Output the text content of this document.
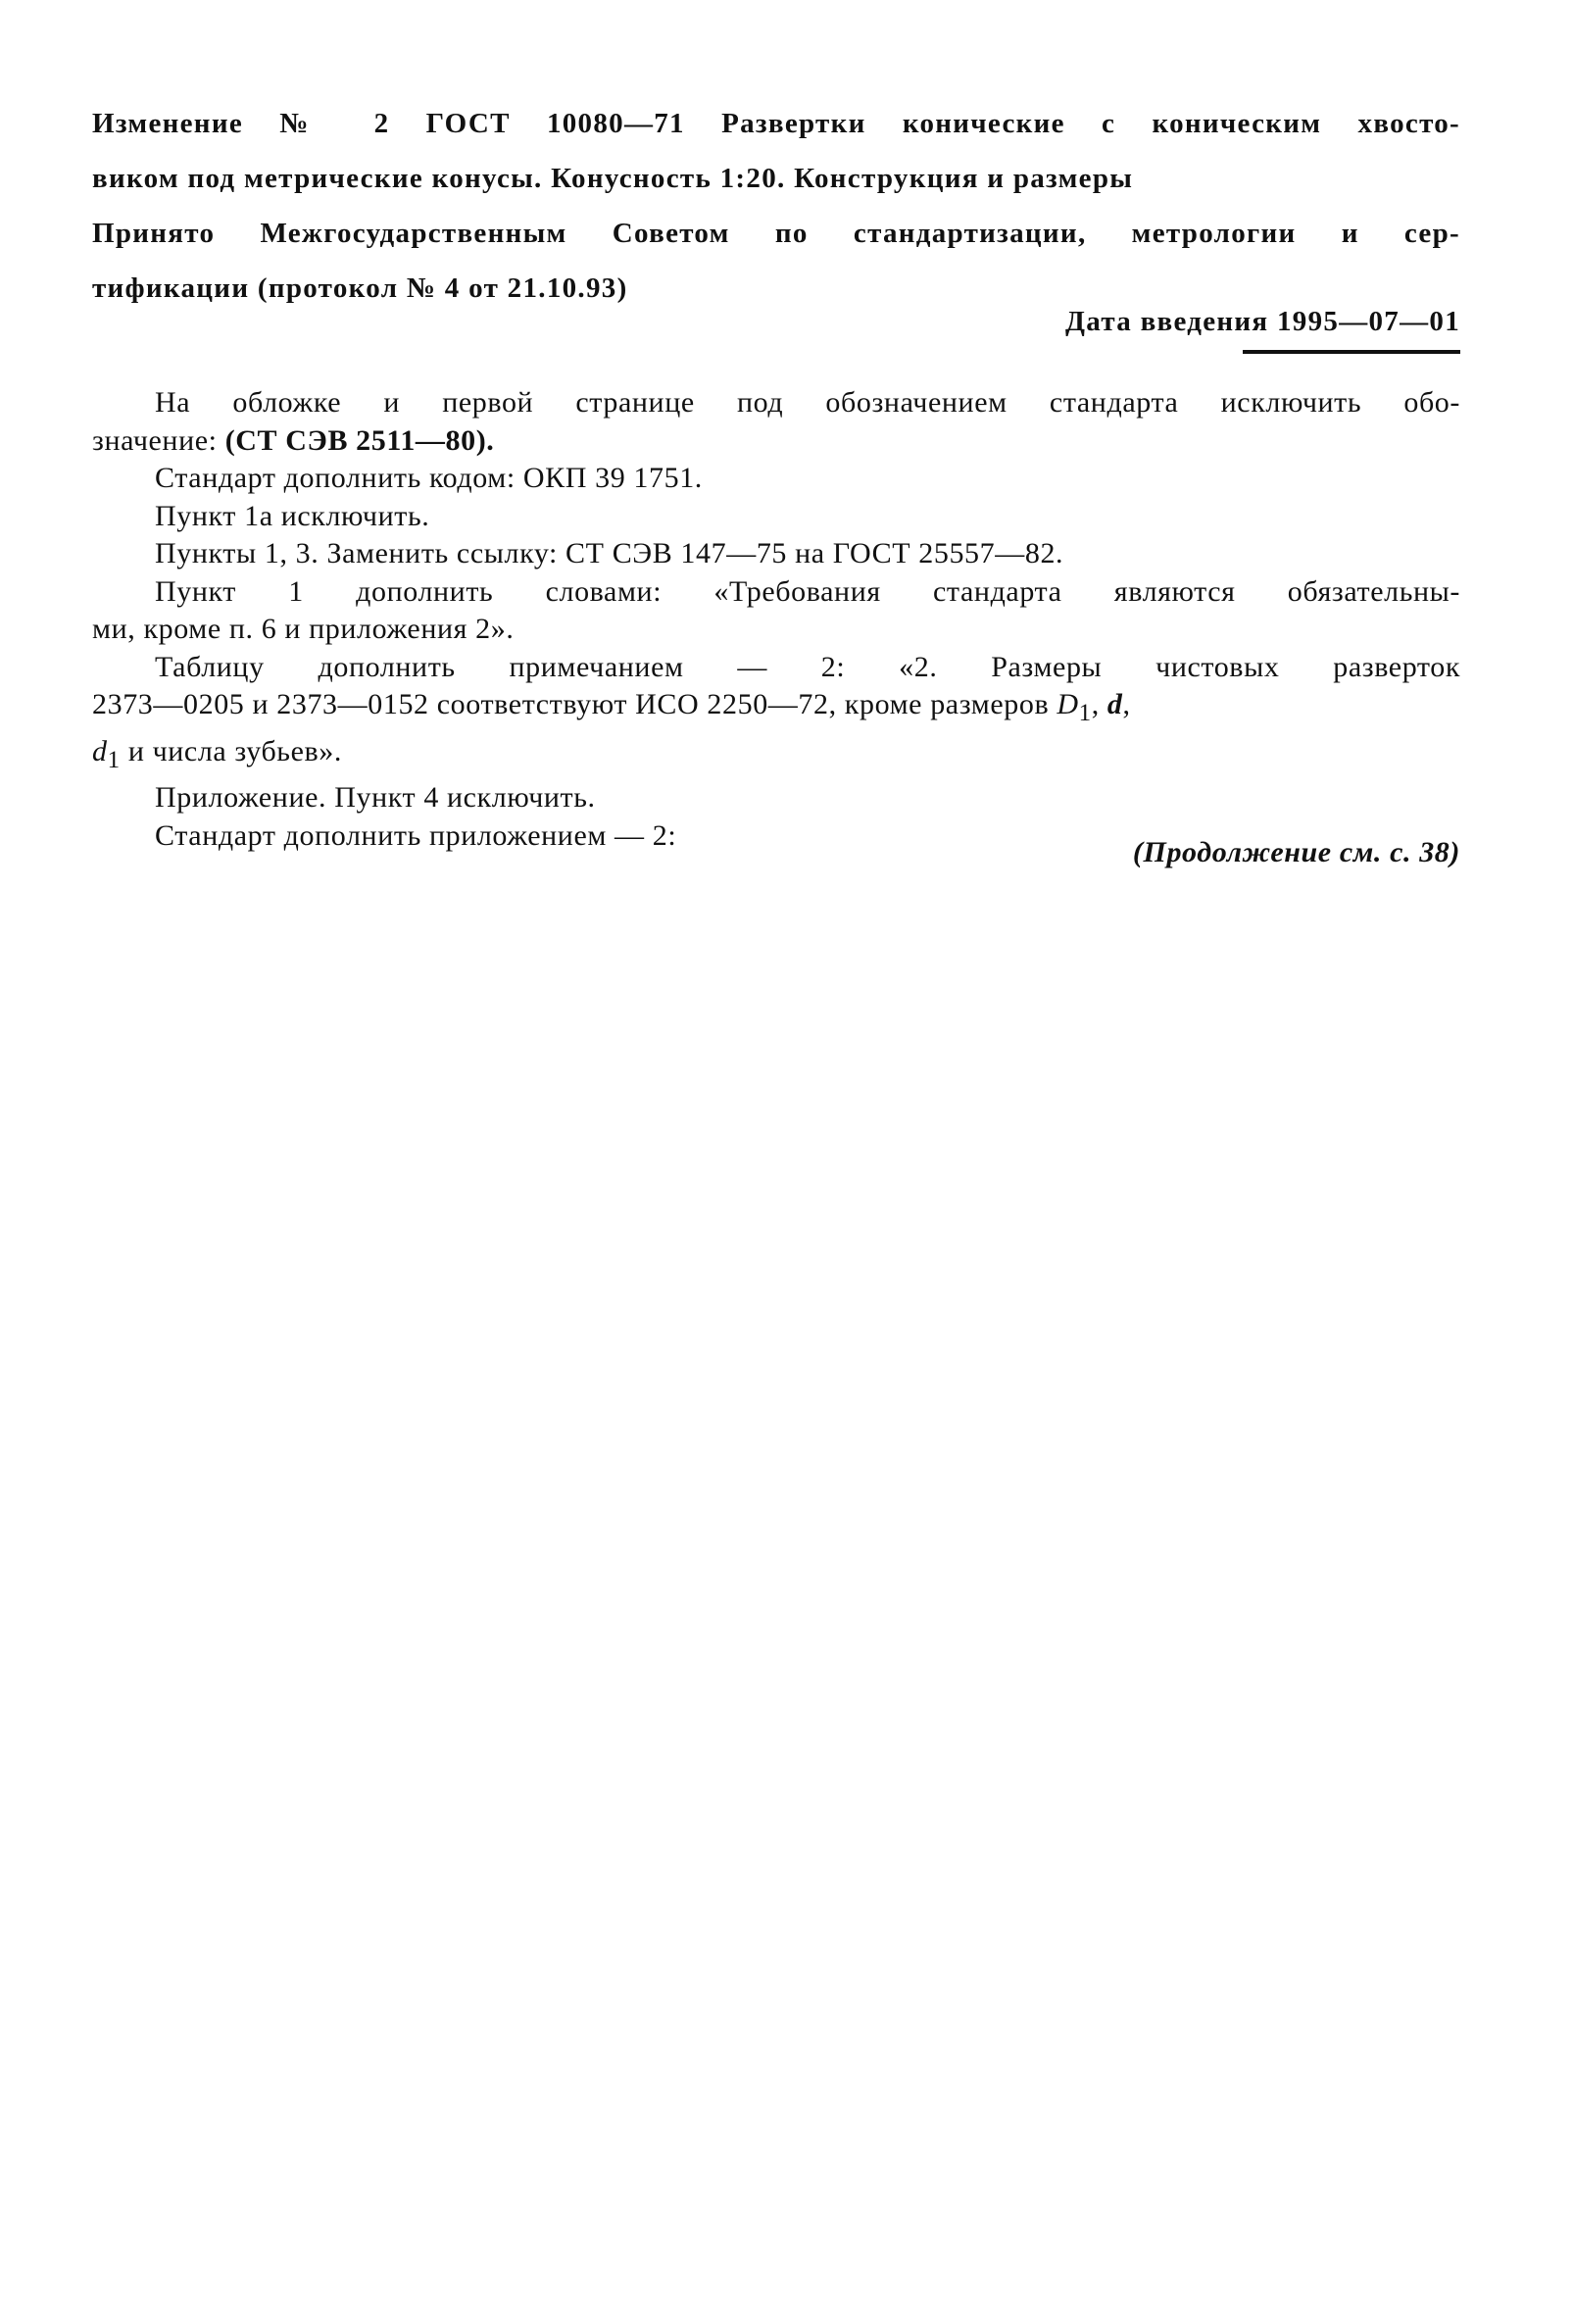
Изменение № 2 ГОСТ 10080—71 Развертки конические с коническим хвосто-
виком под метрические конусы. Конусность 1:20. Конструкция и размеры
Принято Межгосударственным Советом по стандартизации, метрологии и сер-
тификации (протокол № 4 от 21.10.93)
Дата введения 1995—07—01
На обложке и первой странице под обозначением стандарта исключить обо-
значение: (СТ СЭВ 2511—80).
Стандарт дополнить кодом: ОКП 39 1751.
Пункт 1а исключить.
Пункты 1, 3. Заменить ссылку: СТ СЭВ 147—75 на ГОСТ 25557—82.
Пункт 1 дополнить словами: «Требования стандарта являются обязательны-
ми, кроме п. 6 и приложения 2».
Таблицу дополнить примечанием — 2: «2. Размеры чистовых разверток
2373—0205 и 2373—0152 соответствуют ИСО 2250—72, кроме размеров $D_1$, d,
$d_1$ и числа зубьев».
Приложение. Пункт 4 исключить.
Стандарт дополнить приложением — 2:
(Продолжение см. с. 38)
